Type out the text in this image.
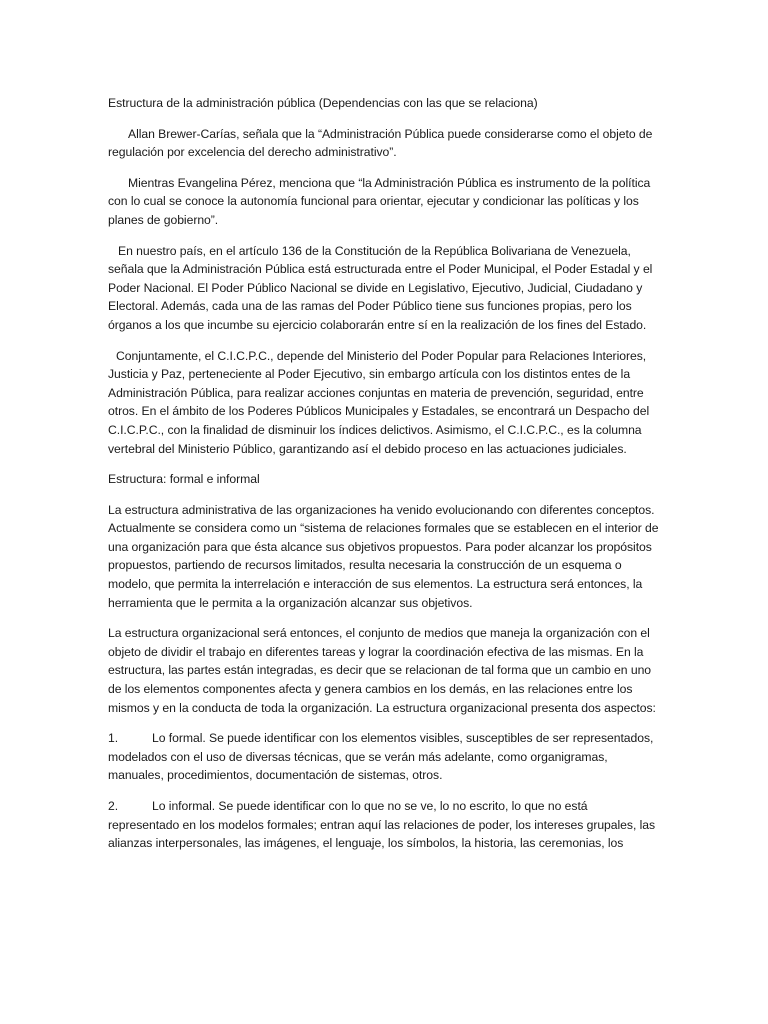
Estructura de la administración pública (Dependencias con las que se relaciona)

Allan Brewer-Carías, señala que la “Administración Pública puede considerarse como el objeto de regulación por excelencia del derecho administrativo”.

Mientras Evangelina Pérez, menciona que “la Administración Pública es instrumento de la política con lo cual se conoce la autonomía funcional para orientar, ejecutar y condicionar las políticas y los planes de gobierno”.

En nuestro país, en el artículo 136 de la Constitución de la República Bolivariana de Venezuela, señala que la Administración Pública está estructurada entre el Poder Municipal, el Poder Estadal y el Poder Nacional. El Poder Público Nacional se divide en Legislativo, Ejecutivo, Judicial, Ciudadano y Electoral. Además, cada una de las ramas del Poder Público tiene sus funciones propias, pero los órganos a los que incumbe su ejercicio colaborarán entre sí en la realización de los fines del Estado.

Conjuntamente, el C.I.C.P.C., depende del Ministerio del Poder Popular para Relaciones Interiores, Justicia y Paz, perteneciente al Poder Ejecutivo, sin embargo artícula con los distintos entes de la Administración Pública, para realizar acciones conjuntas en materia de prevención, seguridad, entre otros. En el ámbito de los Poderes Públicos Municipales y Estadales, se encontrará un Despacho del C.I.C.P.C., con la finalidad de disminuir los índices delictivos. Asimismo, el C.I.C.P.C., es la columna vertebral del Ministerio Público, garantizando así el debido proceso en las actuaciones judiciales.

Estructura: formal e informal

La estructura administrativa de las organizaciones ha venido evolucionando con diferentes conceptos. Actualmente se considera como un “sistema de relaciones formales que se establecen en el interior de una organización para que ésta alcance sus objetivos propuestos. Para poder alcanzar los propósitos propuestos, partiendo de recursos limitados, resulta necesaria la construcción de un esquema o modelo, que permita la interrelación e interacción de sus elementos. La estructura será entonces, la herramienta que le permita a la organización alcanzar sus objetivos.

La estructura organizacional será entonces, el conjunto de medios que maneja la organización con el objeto de dividir el trabajo en diferentes tareas y lograr la coordinación efectiva de las mismas. En la estructura, las partes están integradas, es decir que se relacionan de tal forma que un cambio en uno de los elementos componentes afecta y genera cambios en los demás, en las relaciones entre los mismos y en la conducta de toda la organización. La estructura organizacional presenta dos aspectos:

1.	Lo formal. Se puede identificar con los elementos visibles, susceptibles de ser representados, modelados con el uso de diversas técnicas, que se verán más adelante, como organigramas, manuales, procedimientos, documentación de sistemas, otros.

2.	Lo informal. Se puede identificar con lo que no se ve, lo no escrito, lo que no está representado en los modelos formales; entran aquí las relaciones de poder, los intereses grupales, las alianzas interpersonales, las imágenes, el lenguaje, los símbolos, la historia, las ceremonias, los
